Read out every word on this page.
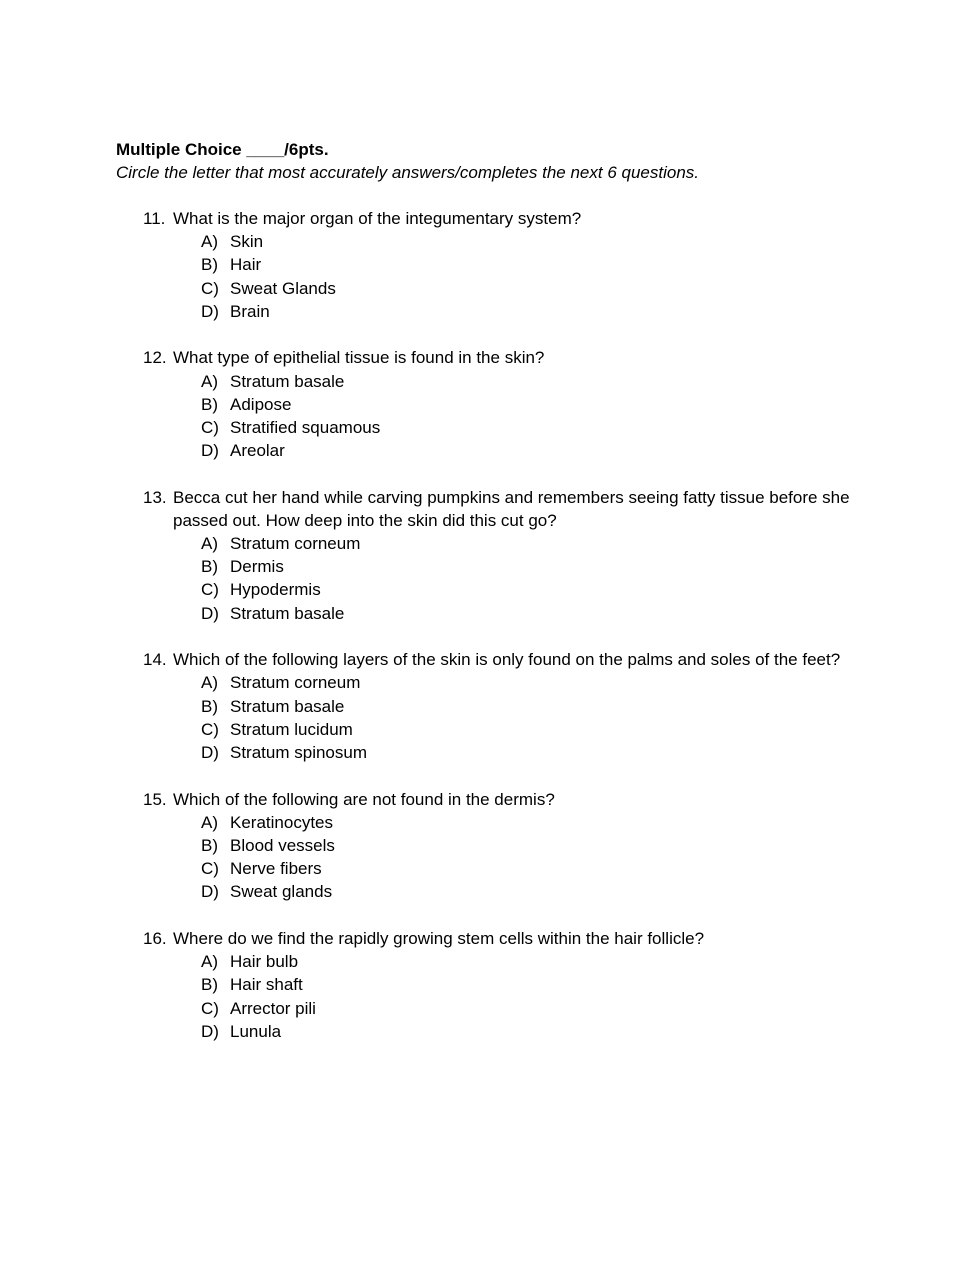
Multiple Choice ____/6pts.

Circle the letter that most accurately answers/completes the next 6 questions.

11. What is the major organ of the integumentary system?
A) Skin
B) Hair
C) Sweat Glands
D) Brain
12. What type of epithelial tissue is found in the skin?
A) Stratum basale
B) Adipose
C) Stratified squamous
D) Areolar
13. Becca cut her hand while carving pumpkins and remembers seeing fatty tissue before she passed out. How deep into the skin did this cut go?
A) Stratum corneum
B) Dermis
C) Hypodermis
D) Stratum basale
14. Which of the following layers of the skin is only found on the palms and soles of the feet?
A) Stratum corneum
B) Stratum basale
C) Stratum lucidum
D) Stratum spinosum
15. Which of the following are not found in the dermis?
A) Keratinocytes
B) Blood vessels
C) Nerve fibers
D) Sweat glands
16. Where do we find the rapidly growing stem cells within the hair follicle?
A) Hair bulb
B) Hair shaft
C) Arrector pili
D) Lunula
